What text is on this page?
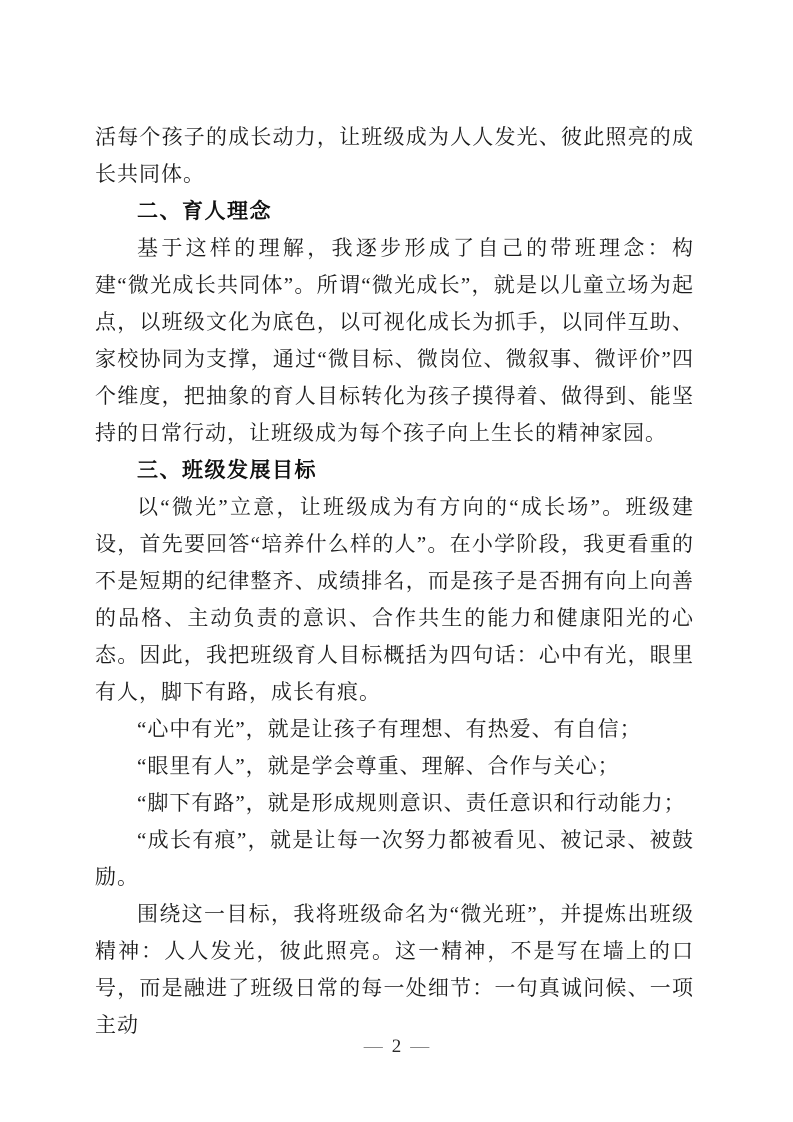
活每个孩子的成长动力，让班级成为人人发光、彼此照亮的成长共同体。

二、育人理念

基于这样的理解，我逐步形成了自己的带班理念：构建“微光成长共同体”。所谓“微光成长”，就是以儿童立场为起点，以班级文化为底色，以可视化成长为抓手，以同伴互助、家校协同为支撑，通过“微目标、微岗位、微叙事、微评价”四个维度，把抽象的育人目标转化为孩子摸得着、做得到、能坚持的日常行动，让班级成为每个孩子向上生长的精神家园。

三、班级发展目标

以“微光”立意，让班级成为有方向的“成长场”。班级建设，首先要回答“培养什么样的人”。在小学阶段，我更看重的不是短期的纪律整齐、成绩排名，而是孩子是否拥有向上向善的品格、主动负责的意识、合作共生的能力和健康阳光的心态。因此，我把班级育人目标概括为四句话：心中有光，眼里有人，脚下有路，成长有痕。

“心中有光”，就是让孩子有理想、有热爱、有自信；

“眼里有人”，就是学会尊重、理解、合作与关心；

“脚下有路”，就是形成规则意识、责任意识和行动能力；

“成长有痕”，就是让每一次努力都被看见、被记录、被鼓励。

围绕这一目标，我将班级命名为“微光班”，并提炼出班级精神：人人发光，彼此照亮。这一精神，不是写在墙上的口号，而是融进了班级日常的每一处细节：一句真诚问候、一项主动

— 2 —
